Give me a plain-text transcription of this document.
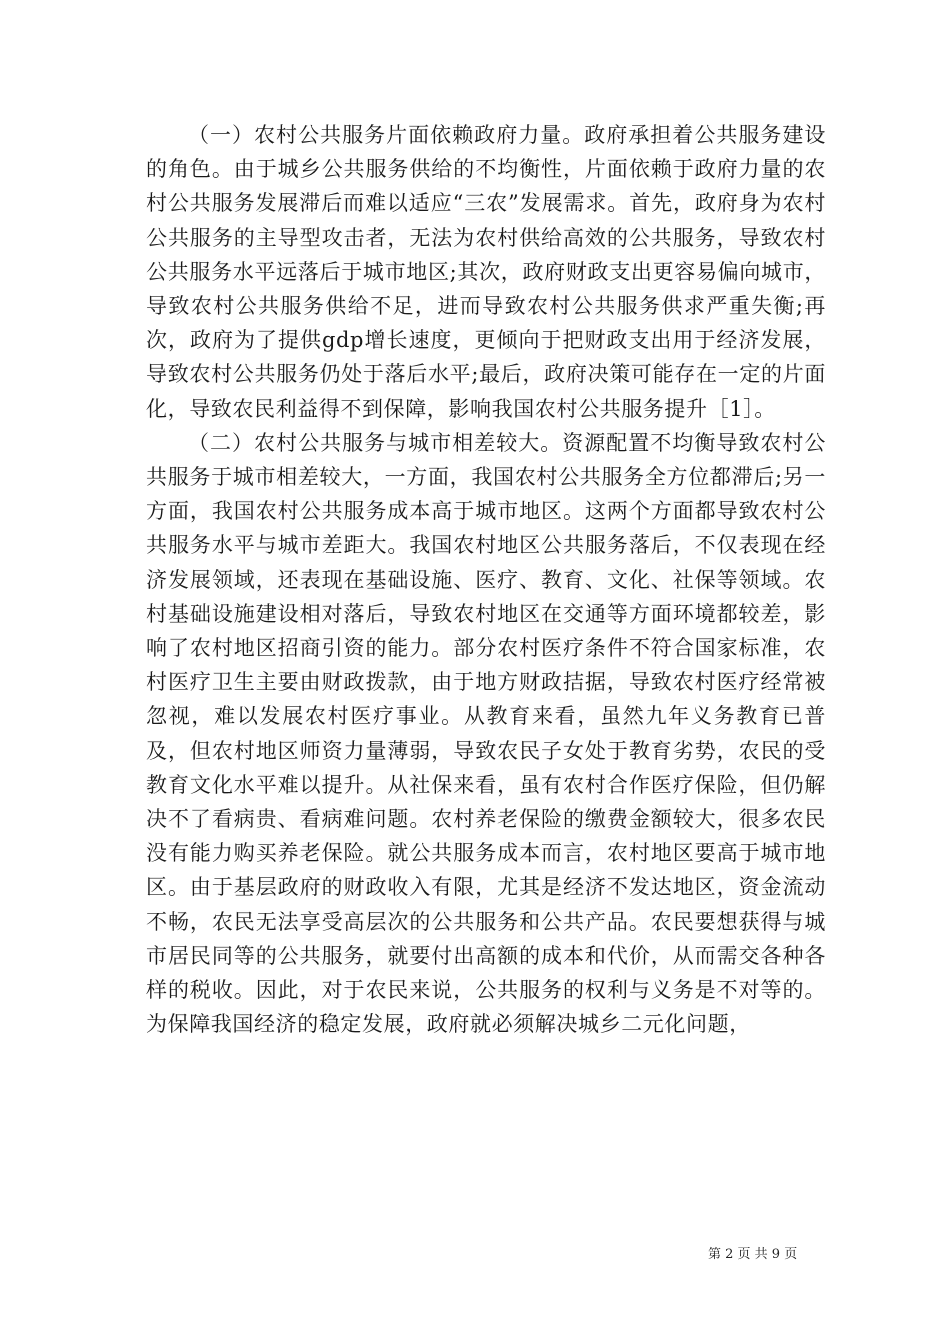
（一）农村公共服务片面依赖政府力量。政府承担着公共服务建设的角色。由于城乡公共服务供给的不均衡性，片面依赖于政府力量的农村公共服务发展滞后而难以适应“三农”发展需求。首先，政府身为农村公共服务的主导型攻击者，无法为农村供给高效的公共服务，导致农村公共服务水平远落后于城市地区;其次，政府财政支出更容易偏向城市，导致农村公共服务供给不足，进而导致农村公共服务供求严重失衡;再次，政府为了提供gdp增长速度，更倾向于把财政支出用于经济发展，导致农村公共服务仍处于落后水平;最后，政府决策可能存在一定的片面化，导致农民利益得不到保障，影响我国农村公共服务提升［1］。

（二）农村公共服务与城市相差较大。资源配置不均衡导致农村公共服务于城市相差较大，一方面，我国农村公共服务全方位都滞后;另一方面，我国农村公共服务成本高于城市地区。这两个方面都导致农村公共服务水平与城市差距大。我国农村地区公共服务落后，不仅表现在经济发展领域，还表现在基础设施、医疗、教育、文化、社保等领域。农村基础设施建设相对落后，导致农村地区在交通等方面环境都较差，影响了农村地区招商引资的能力。部分农村医疗条件不符合国家标准，农村医疗卫生主要由财政拨款，由于地方财政拮据，导致农村医疗经常被忽视，难以发展农村医疗事业。从教育来看，虽然九年义务教育已普及，但农村地区师资力量薄弱，导致农民子女处于教育劣势，农民的受教育文化水平难以提升。从社保来看，虽有农村合作医疗保险，但仍解决不了看病贵、看病难问题。农村养老保险的缴费金额较大，很多农民没有能力购买养老保险。就公共服务成本而言，农村地区要高于城市地区。由于基层政府的财政收入有限，尤其是经济不发达地区，资金流动不畅，农民无法享受高层次的公共服务和公共产品。农民要想获得与城市居民同等的公共服务，就要付出高额的成本和代价，从而需交各种各样的税收。因此，对于农民来说，公共服务的权利与义务是不对等的。为保障我国经济的稳定发展，政府就必须解决城乡二元化问题，

第 2 页 共 9 页
